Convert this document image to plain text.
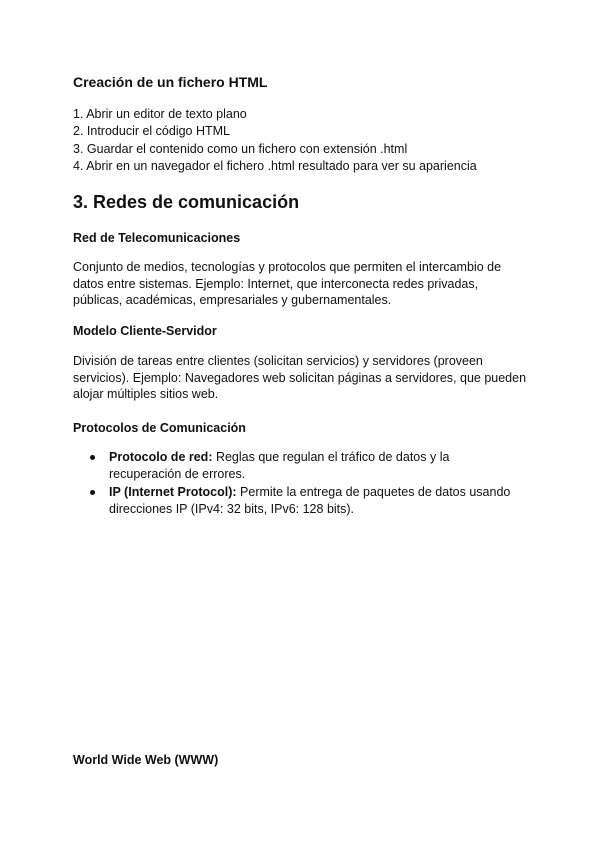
Creación de un fichero HTML
1. Abrir un editor de texto plano
2. Introducir el código HTML
3. Guardar el contenido como un fichero con extensión .html
4. Abrir en un navegador el fichero .html resultado para ver su apariencia
3. Redes de comunicación
Red de Telecomunicaciones
Conjunto de medios, tecnologías y protocolos que permiten el intercambio de datos entre sistemas. Ejemplo: Internet, que interconecta redes privadas, públicas, académicas, empresariales y gubernamentales.
Modelo Cliente-Servidor
División de tareas entre clientes (solicitan servicios) y servidores (proveen servicios). Ejemplo: Navegadores web solicitan páginas a servidores, que pueden alojar múltiples sitios web.
Protocolos de Comunicación
Protocolo de red: Reglas que regulan el tráfico de datos y la recuperación de errores.
IP (Internet Protocol): Permite la entrega de paquetes de datos usando direcciones IP (IPv4: 32 bits, IPv6: 128 bits).
World Wide Web (WWW)
